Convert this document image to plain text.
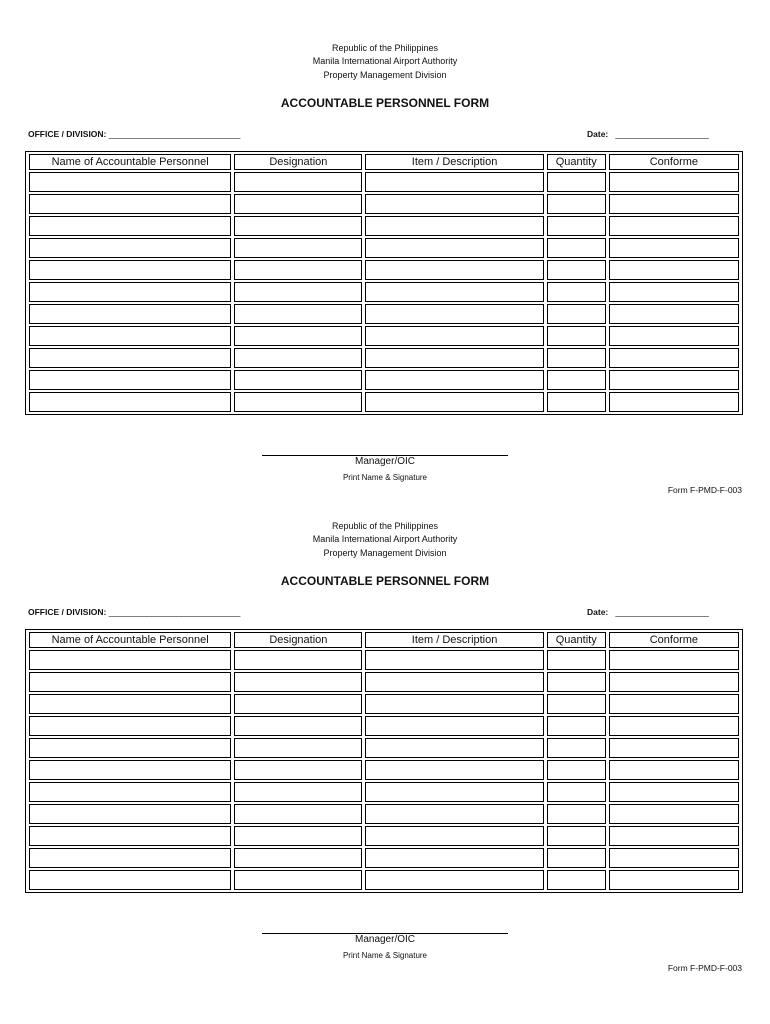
Republic of the Philippines
Manila International Airport Authority
Property Management Division
ACCOUNTABLE PERSONNEL FORM
OFFICE / DIVISION: _______________________________	Date: ______________________
Name of Accountable Personnel	Designation	Item / Description	Quantity	Conforme

Manager/OIC
Print Name & Signature
Form F-PMD-F-003
Republic of the Philippines
Manila International Airport Authority
Property Management Division
ACCOUNTABLE PERSONNEL FORM
OFFICE / DIVISION: _______________________________	Date: ______________________
Name of Accountable Personnel	Designation	Item / Description	Quantity	Conforme

Manager/OIC
Print Name & Signature
Form F-PMD-F-003
